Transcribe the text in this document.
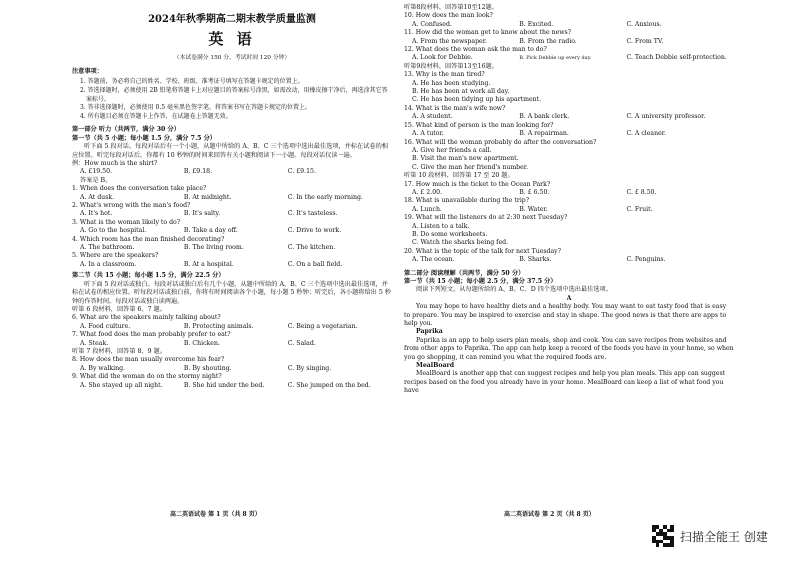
2024年秋季期高二期末教学质量监测
英 语
（本试卷满分 150 分，考试时间 120 分钟）
注意事项：

1. 答题前，务必将自己的姓名、学校、班级、准考证号填写在答题卡规定的位置上。

2. 答选择题时，必须使用 2B 铅笔将答题卡上对应题目的答案标号涂黑，如需改动，用橡皮擦干净后，再选涂其它答案标号。

3. 答非选择题时，必须使用 0.5 毫米黑色签字笔，将答案书写在答题卡规定的位置上。

4. 所有题目必须在答题卡上作答，在试题卷上答题无效。

第一部分 听力（共两节，满分 30 分）
第一节（共 5 小题；每小题 1.5 分，满分 7.5 分）

听下面 5 段对话。每段对话后有一个小题，从题中所给的 A、B、C 三个选项中选出最佳选项，并标在试卷的相应位置。听完每段对话后，你都有 10 秒钟的时间来回答有关小题和阅读下一小题。每段对话仅读一遍。

例：How much is the shirt?
A. £19.50.	B. £9.18.	C. £9.15.
答案是 B。
1. When does the conversation take place?
A. At dusk.	B. At midnight.	C. In the early morning.
2. What's wrong with the man's food?
A. It's hot.	B. It's salty.	C. It's tasteless.
3. What is the woman likely to do?
A. Go to the hospital.	B. Take a day off.	C. Drive to work.
4. Which room has the man finished decorating?
A. The bathroom.	B. The living room.	C. The kitchen.
5. Where are the speakers?
A. In a classroom.	B. At a hospital.	C. On a ball field.
第二节（共 15 小题；每小题 1.5 分，满分 22.5 分）

听下面 5 段对话或独白。每段对话或独白后有几个小题，从题中所给的 A、B、C 三个选项中选出最佳选项，并标在试卷的相应位置。听每段对话或独白前，你将有时间阅读各个小题，每小题 5 秒钟；听完后，各小题将给出 5 秒钟的作答时间。每段对话或独白读两遍。

听第 6 段材料，回答第 6、7 题。
6. What are the speakers mainly talking about?
A. Food culture.	B. Protecting animals.	C. Being a vegetarian.
7. What food does the man probably prefer to eat?
A. Steak.	B. Chicken.	C. Salad.
听第 7 段材料，回答第 8、9 题。
8. How does the man usually overcome his fear?
A. By walking.	B. By shouting.	C. By singing.
9. What did the woman do on the stormy night?
A. She stayed up all night.	B. She hid under the bed.	C. She jumped on the bed.
高二英语试卷 第 1 页（共 8 页）
听第8段材料，回答第10至12题。
10. How does the man look?
A. Confused.	B. Excited.	C. Anxious.
11. How did the woman get to know about the news?
A. From the newspaper.	B. From the radio.	C. From TV.
12. What does the woman ask the man to do?
A. Look for Debbie.	B. Pick Debbie up every day.	C. Teach Debbie self-protection.
听第9段材料，回答第13至16题。
13. Why is the man tired?
A. He has been studying.
B. He has been at work all day.
C. He has been tidying up his apartment.
14. What is the man's wife now?
A. A student.	B. A bank clerk.	C. A university professor.
15. What kind of person is the man looking for?
A. A tutor.	B. A repairman.	C. A cleaner.
16. What will the woman probably do after the conversation?
A. Give her friends a call.
B. Visit the man's new apartment.
C. Give the man her friend's number.
听第 10 段材料，回答第 17 至 20 题。
17. How much is the ticket to the Ocean Park?
A. £ 2.00.	B. £ 6.50.	C. £ 8.50.
18. What is unavailable during the trip?
A. Lunch.	B. Water.	C. Fruit.
19. What will the listeners do at 2:30 next Tuesday?
A. Listen to a talk.
B. Do some worksheets.
C. Watch the sharks being fed.
20. What is the topic of the talk for next Tuesday?
A. The ocean.	B. Sharks.	C. Penguins.
第二部分 阅读理解（共两节，满分 50 分）
第一节（共 15 小题；每小题 2.5 分，满分 37.5 分）

阅读下列短文，从每题所给的 A、B、C、D 四个选项中选出最佳选项。

A

You may hope to have healthy diets and a healthy body. You may want to eat tasty food that is easy to prepare. You may be inspired to exercise and stay in shape. The good news is that there are apps to help you.

Paprika

Paprika is an app to help users plan meals, shop and cook. You can save recipes from websites and from other apps to Paprika. The app can help keep a record of the foods you have in your home, so when you go shopping, it can remind you what the required foods are.

MealBoard

MealBoard is another app that can suggest recipes and help you plan meals. This app can suggest recipes based on the food you already have in your home. MealBoard can keep a list of what food you have

高二英语试卷 第 2 页（共 8 页）
扫描全能王 创建
